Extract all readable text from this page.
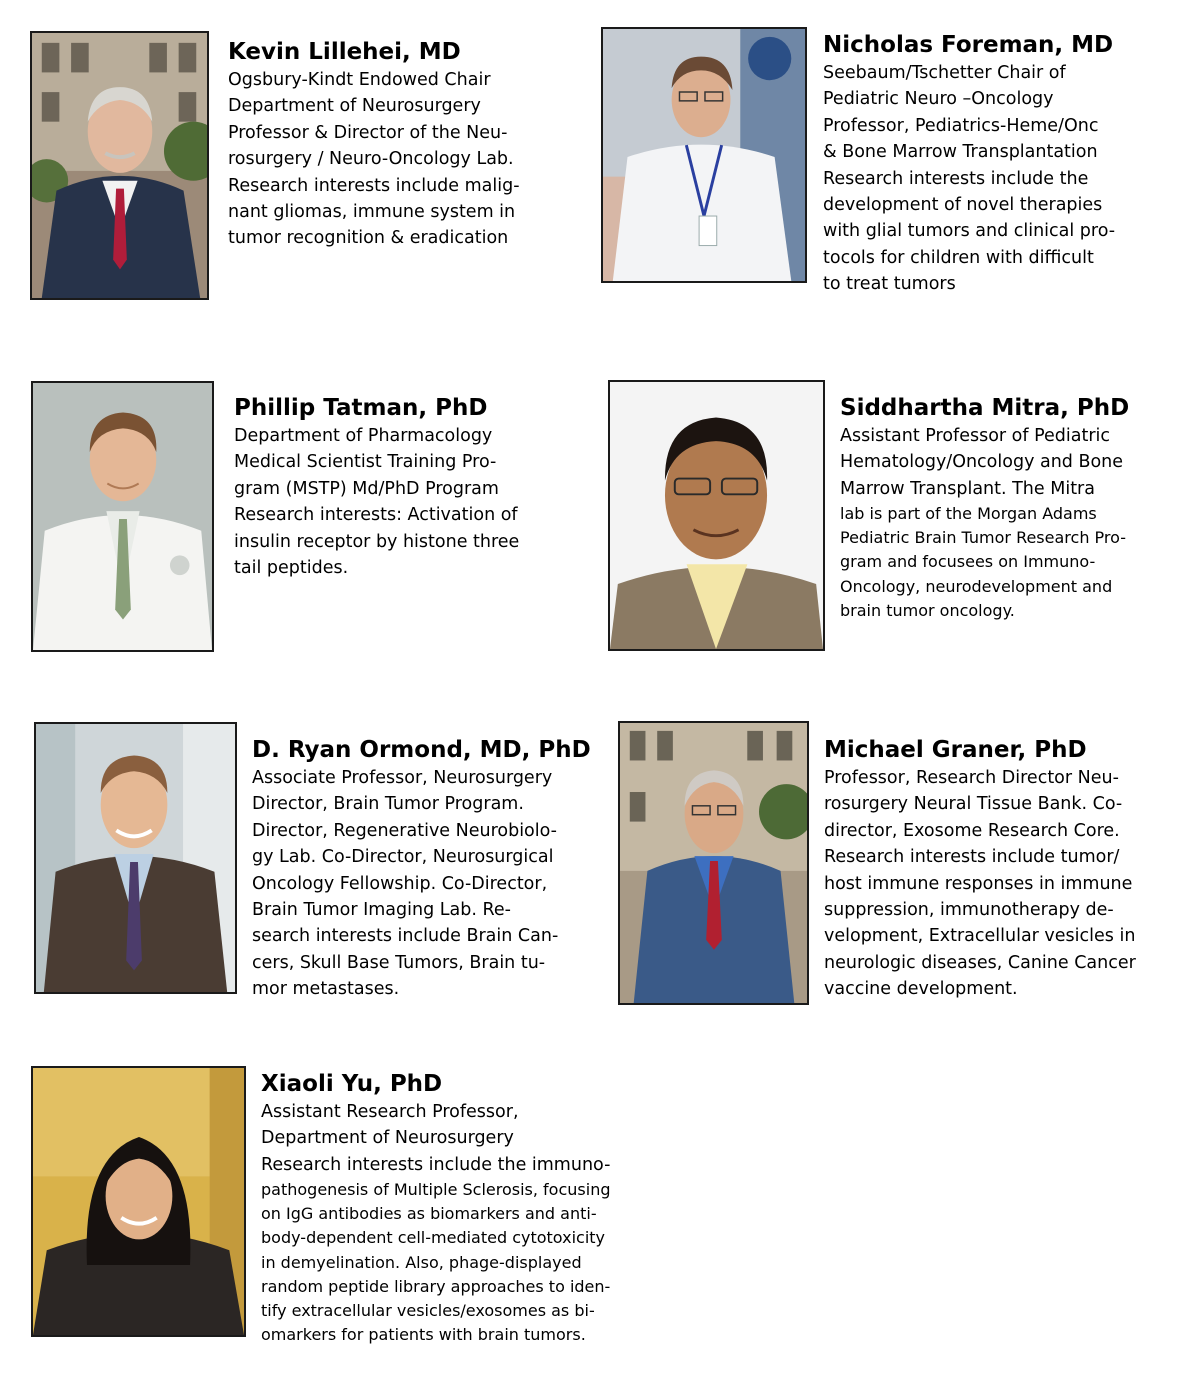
Kevin Lillehei, MD
Ogsbury-Kindt Endowed Chair
Department of Neurosurgery
Professor & Director of the Neu-
rosurgery / Neuro-Oncology Lab.
Research interests include malig-
nant gliomas, immune system in
tumor recognition & eradication
Nicholas Foreman, MD
Seebaum/Tschetter Chair of
Pediatric Neuro –Oncology
Professor, Pediatrics-Heme/Onc
& Bone Marrow Transplantation
Research interests include the
development of novel therapies
with glial tumors and clinical pro-
tocols for children with difficult
to treat tumors
Phillip Tatman, PhD
Department of Pharmacology
Medical Scientist Training Pro-
gram (MSTP) Md/PhD Program
Research interests: Activation of
insulin receptor by histone three
tail peptides.
Siddhartha Mitra, PhD
Assistant Professor of Pediatric
Hematology/Oncology and Bone
Marrow Transplant. The Mitra
lab is part of the Morgan Adams
Pediatric Brain Tumor Research Pro-
gram and focusees on Immuno-
Oncology, neurodevelopment and
brain tumor oncology.
D. Ryan Ormond, MD, PhD
Associate Professor, Neurosurgery
Director, Brain Tumor Program.
Director, Regenerative Neurobiolo-
gy Lab. Co-Director, Neurosurgical
Oncology Fellowship. Co-Director,
Brain Tumor Imaging Lab. Re-
search interests include Brain Can-
cers, Skull Base Tumors, Brain tu-
mor metastases.
Michael Graner, PhD
Professor, Research Director Neu-
rosurgery Neural Tissue Bank. Co-
director, Exosome Research Core.
Research interests include tumor/
host immune responses in immune
suppression, immunotherapy de-
velopment, Extracellular vesicles in
neurologic diseases, Canine Cancer
vaccine development.
Xiaoli Yu, PhD
Assistant Research Professor,
Department of Neurosurgery
Research interests include the immuno-
pathogenesis of Multiple Sclerosis, focusing
on IgG antibodies as biomarkers and anti-
body-dependent cell-mediated cytotoxicity
in demyelination. Also, phage-displayed
random peptide library approaches to iden-
tify extracellular vesicles/exosomes as bi-
omarkers for patients with brain tumors.
